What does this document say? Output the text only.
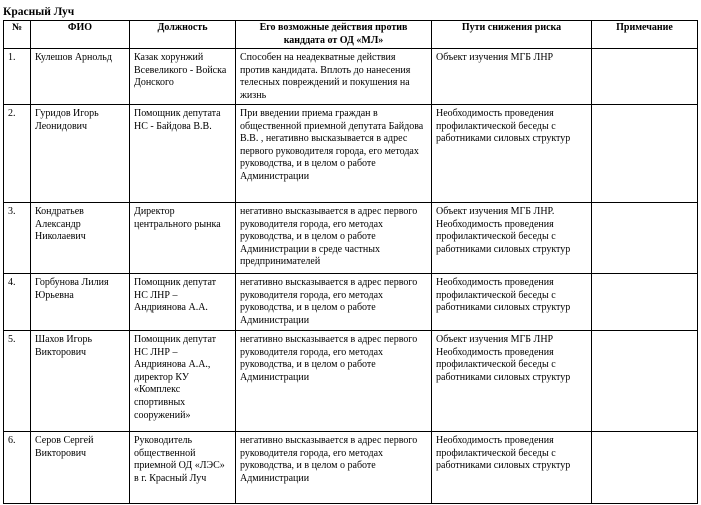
Красный Луч
№	ФИО	Должность	Его возможные действия против канддата от ОД «МЛ»	Пути снижения риска	Примечание
1.	Кулешов Арнольд	Казак хорунжий Всевеликого - Войска Донского	Способен на неадекватные действия против кандидата. Вплоть до нанесения телесных повреждений и покушения на жизнь	Объект изучения МГБ ЛНР	
2.	Гуридов Игорь Леонидович	Помощник депутата НС - Байдова В.В.	При введении приема граждан в общественной приемной депутата Байдова В.В. , негативно высказывается в адрес первого руководителя города, его методах руководства, и в целом о работе Администрации	Необходимость проведения профилактической беседы с работниками силовых структур	
3.	Кондратьев Александр Николаевич	Директор центрального рынка	негативно высказывается в адрес первого руководителя города, его методах руководства, и в целом о работе Администрации в среде частных предпринимателей	Объект изучения МГБ ЛНР. Необходимость проведения профилактической беседы с работниками силовых структур	
4.	Горбунова Лилия Юрьевна	Помощник депутат НС ЛНР – Андриянова А.А.	негативно высказывается в адрес первого руководителя города, его методах руководства, и в целом о работе Администрации	Необходимость проведения профилактической беседы с работниками силовых структур	
5.	Шахов Игорь Викторович	Помощник депутат НС ЛНР – Андриянова А.А., директор КУ «Комплекс спортивных сооружений»	негативно высказывается в адрес первого руководителя города, его методах руководства, и в целом о работе Администрации	Объект изучения МГБ ЛНР Необходимость проведения профилактической беседы с работниками силовых структур	
6.	Серов Сергей Викторович	Руководитель общественной приемной ОД «ЛЭС» в г. Красный Луч	негативно высказывается в адрес первого руководителя города, его методах руководства, и в целом о работе Администрации	Необходимость проведения профилактической беседы с работниками силовых структур	
